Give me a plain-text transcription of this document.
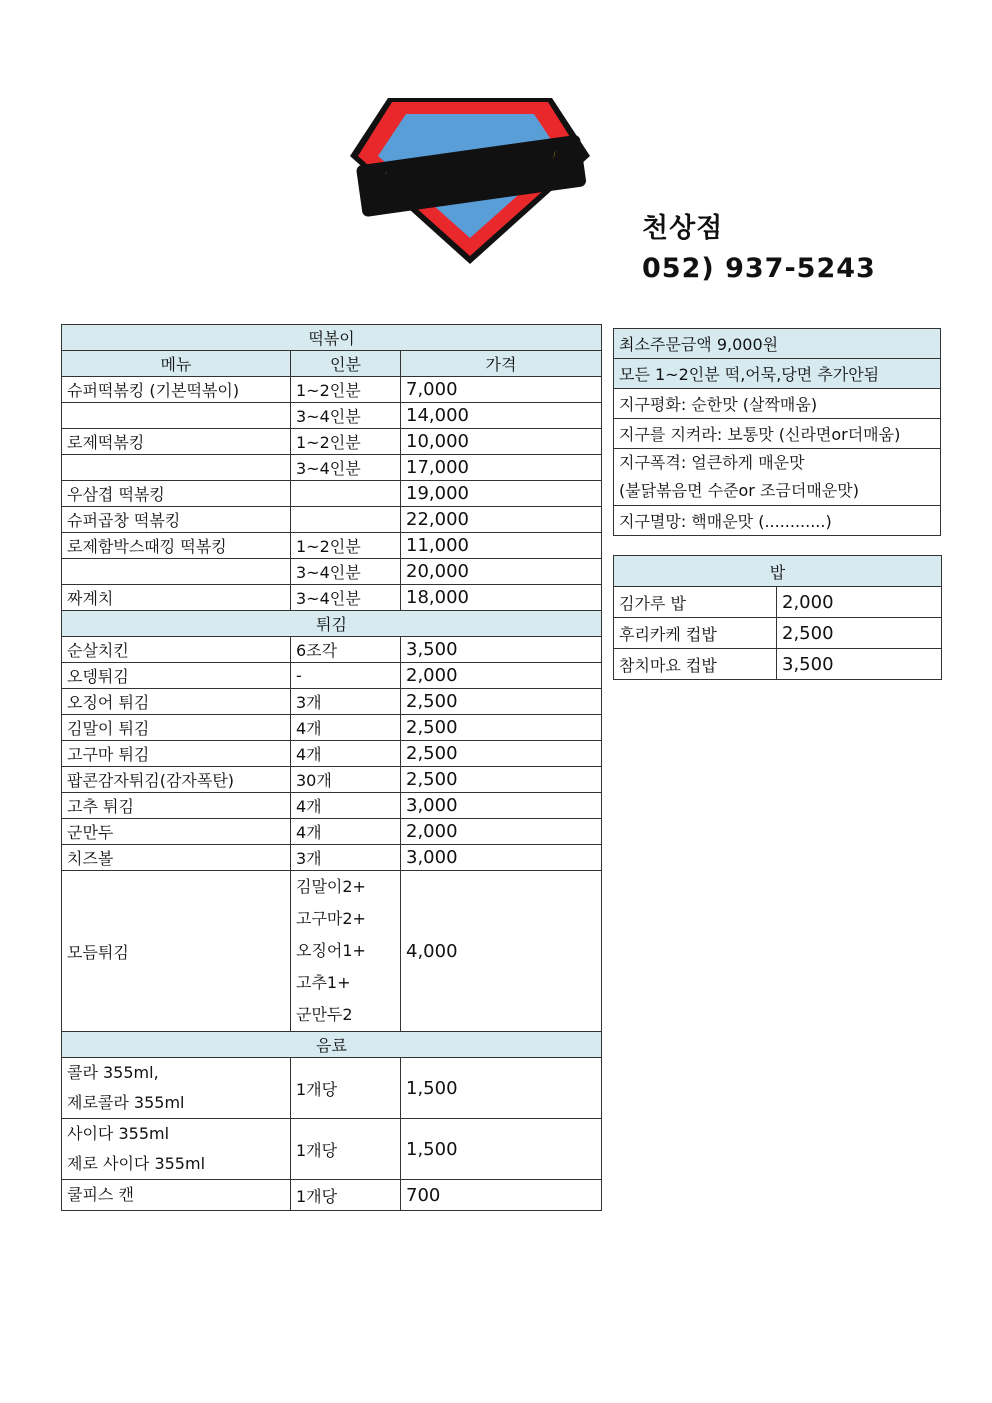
슈퍼떡볶킹
천상점
052) 937-5243
떡볶이		
메뉴	인분	가격
슈퍼떡볶킹 (기본떡볶이)	1~2인분	7,000
	3~4인분	14,000
로제떡볶킹	1~2인분	10,000
	3~4인분	17,000
우삼겹 떡볶킹		19,000
슈퍼곱창 떡볶킹		22,000
로제함박스때낑 떡볶킹	1~2인분	11,000
	3~4인분	20,000
짜계치	3~4인분	18,000
튀김		
순살치킨	6조각	3,500
오뎅튀김	-	2,000
오징어 튀김	3개	2,500
김말이 튀김	4개	2,500
고구마 튀김	4개	2,500
팝콘감자튀김(감자폭탄)	30개	2,500
고추 튀김	4개	3,000
군만두	4개	2,000
치즈볼	3개	3,000
모듬튀김	김말이2+
고구마2+
오징어1+
고추1+
군만두2	4,000
음료		

콜라 355ml,
제로콜라 355ml	1개당	1,500

사이다 355ml
제로 사이다 355ml	1개당	1,500

쿨피스 캔	1개당	700
최소주문금액 9,000원
모든 1~2인분 떡,어묵,당면 추가안됨

지구평화: 순한맛 (살짝매움)

지구를 지켜라: 보통맛 (신라면or더매움)

지구폭격: 얼큰하게 매운맛
(불닭볶음면 수준or 조금더매운맛)

지구멸망: 핵매운맛 (............)
밥	
김가루 밥	2,000
후리카케 컵밥	2,500
참치마요 컵밥	3,500
